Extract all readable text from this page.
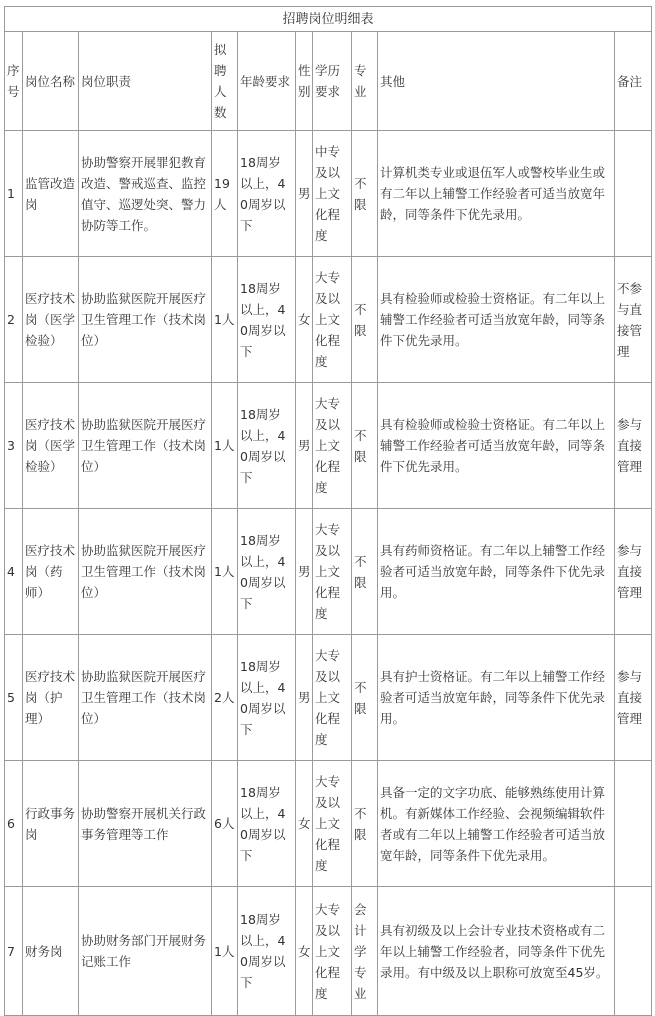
招聘岗位明细表									
序号	岗位名称	岗位职责	拟聘人数	年龄要求	性别	学历要求	专业	其他	备注
1	监管改造岗	协助警察开展罪犯教育改造、警戒巡查、监控值守、巡逻处突、警力协防等工作。	19人	18周岁以上，40周岁以下	男	中专及以上文化程度	不限	计算机类专业或退伍军人或警校毕业生或有二年以上辅警工作经验者可适当放宽年龄，同等条件下优先录用。	
2	医疗技术岗（医学检验）	协助监狱医院开展医疗卫生管理工作（技术岗位）	1人	18周岁以上，40周岁以下	女	大专及以上文化程度	不限	具有检验师或检验士资格证。有二年以上辅警工作经验者可适当放宽年龄，同等条件下优先录用。	不参与直接管理
3	医疗技术岗（医学检验）	协助监狱医院开展医疗卫生管理工作（技术岗位）	1人	18周岁以上，40周岁以下	男	大专及以上文化程度	不限	具有检验师或检验士资格证。有二年以上辅警工作经验者可适当放宽年龄，同等条件下优先录用。	参与直接管理
4	医疗技术岗（药师）	协助监狱医院开展医疗卫生管理工作（技术岗位）	1人	18周岁以上，40周岁以下	男	大专及以上文化程度	不限	具有药师资格证。有二年以上辅警工作经验者可适当放宽年龄，同等条件下优先录用。	参与直接管理
5	医疗技术岗（护理）	协助监狱医院开展医疗卫生管理工作（技术岗位）	2人	18周岁以上，40周岁以下	男	大专及以上文化程度	不限	具有护士资格证。有二年以上辅警工作经验者可适当放宽年龄，同等条件下优先录用。	参与直接管理
6	行政事务岗	协助警察开展机关行政事务管理等工作	6人	18周岁以上，40周岁以下	女	大专及以上文化程度	不限	具备一定的文字功底、能够熟练使用计算机。有新媒体工作经验、会视频编辑软件者或有二年以上辅警工作经验者可适当放宽年龄，同等条件下优先录用。	
7	财务岗	协助财务部门开展财务记账工作	1人	18周岁以上，40周岁以下	女	大专及以上文化程度	会计学专业	具有初级及以上会计专业技术资格或有二年以上辅警工作经验者，同等条件下优先录用。有中级及以上职称可放宽至45岁。	
